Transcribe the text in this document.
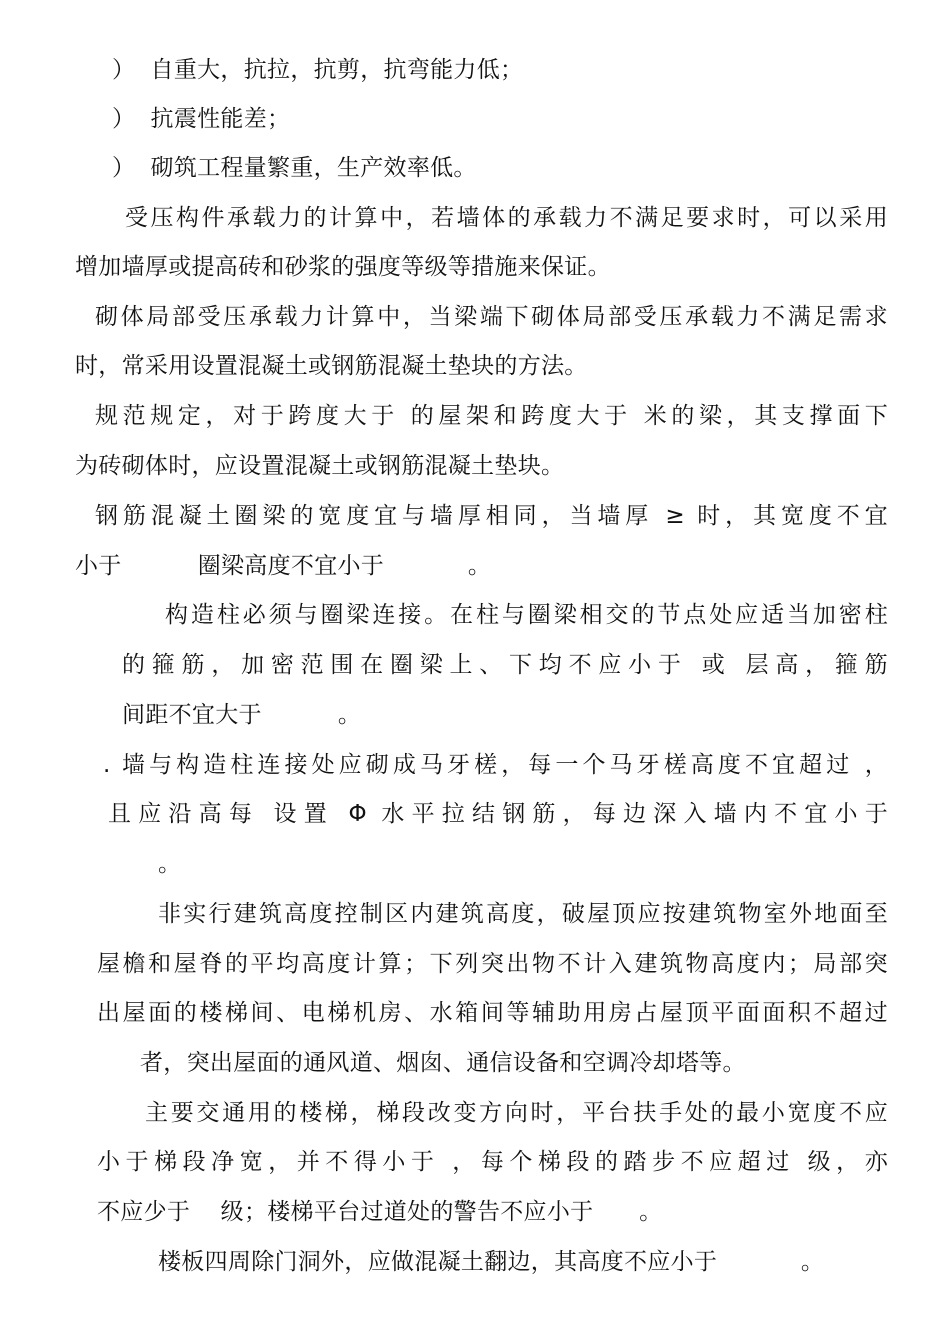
）  自重大，抗拉，抗剪，抗弯能力低；
）  抗震性能差；
）  砌筑工程量繁重，生产效率低。
受压构件承载力的计算中，若墙体的承载力不满足要求时，可以采用
增加墙厚或提高砖和砂浆的强度等级等措施来保证。
砌体局部受压承载力计算中，当梁端下砌体局部受压承载力不满足需求
时，常采用设置混凝土或钢筋混凝土垫块的方法。
规范规定，对于跨度大于 的屋架和跨度大于 米的梁，其支撑面下
为砖砌体时，应设置混凝土或钢筋混凝土垫块。
钢筋混凝土圈梁的宽度宜与墙厚相同，当墙厚 ≥ 时，其宽度不宜
小于          圈梁高度不宜小于           。
构造柱必须与圈梁连接。在柱与圈梁相交的节点处应适当加密柱
的箍筋，加密范围在圈梁上、下均不应小于 或 层高，箍筋
间距不宜大于          。
. 墙与构造柱连接处应砌成马牙槎，每一个马牙槎高度不宜超过 ，
且应沿高每 设置 Φ 水平拉结钢筋，每边深入墙内不宜小于
。
非实行建筑高度控制区内建筑高度，破屋顶应按建筑物室外地面至
屋檐和屋脊的平均高度计算；下列突出物不计入建筑物高度内；局部突
出屋面的楼梯间、电梯机房、水箱间等辅助用房占屋顶平面面积不超过
者，突出屋面的通风道、烟囱、通信设备和空调冷却塔等。
主要交通用的楼梯，梯段改变方向时，平台扶手处的最小宽度不应
小于梯段净宽，并不得小于 ，每个梯段的踏步不应超过 级，亦
不应少于    级；楼梯平台过道处的警告不应小于      。
楼板四周除门洞外，应做混凝土翻边，其高度不应小于           。
